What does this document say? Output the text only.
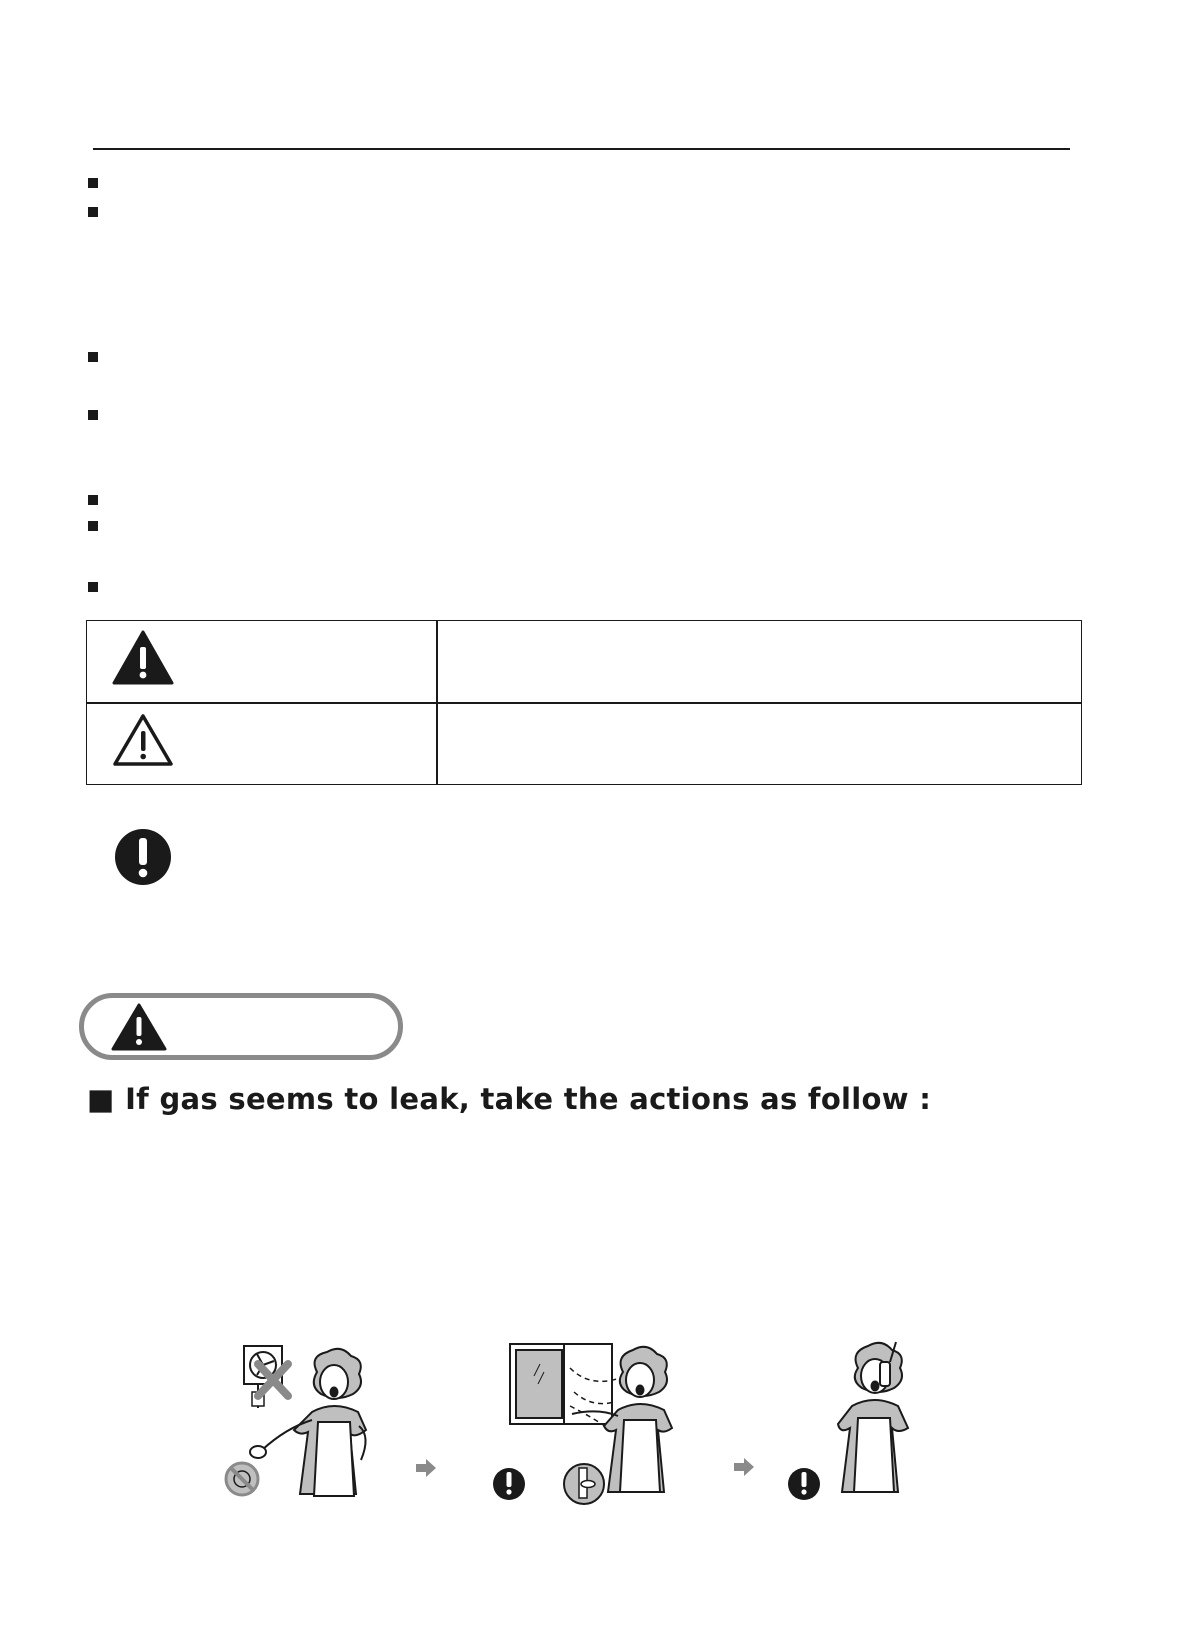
■ If gas seems to leak, take the actions as follow :
